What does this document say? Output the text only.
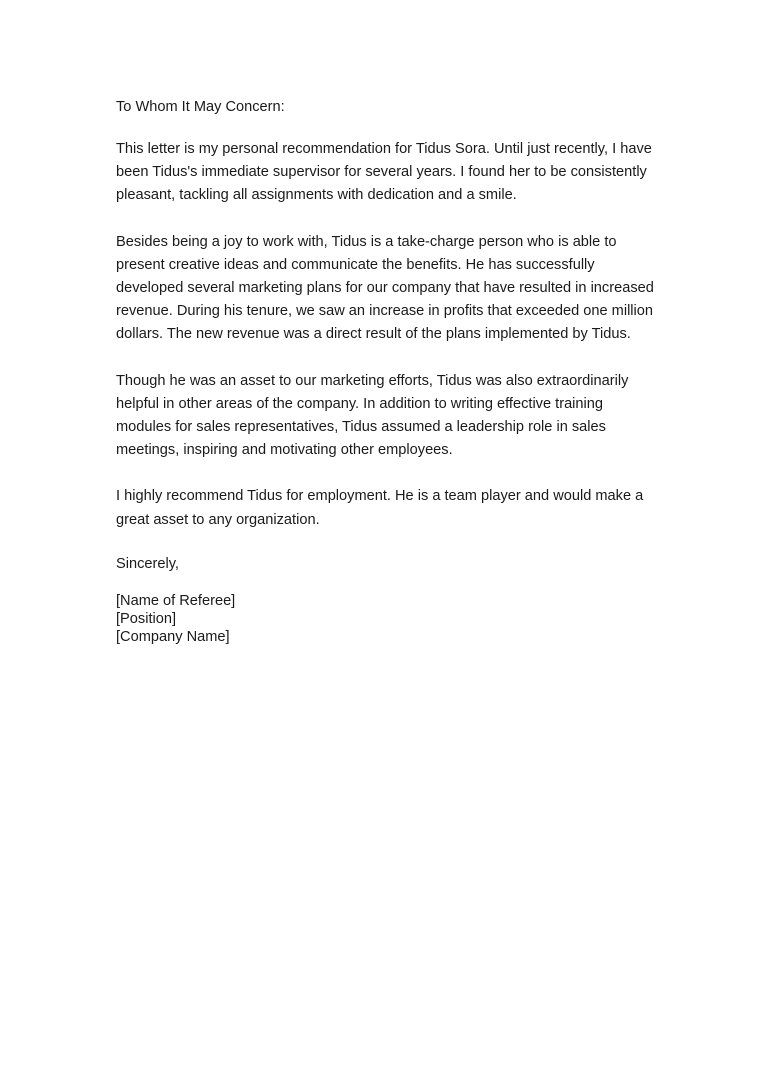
To Whom It May Concern:

This letter is my personal recommendation for Tidus Sora. Until just recently, I have been Tidus's immediate supervisor for several years. I found her to be consistently pleasant, tackling all assignments with dedication and a smile.

Besides being a joy to work with, Tidus is a take-charge person who is able to present creative ideas and communicate the benefits. He has successfully developed several marketing plans for our company that have resulted in increased revenue. During his tenure, we saw an increase in profits that exceeded one million dollars. The new revenue was a direct result of the plans implemented by Tidus.

Though he was an asset to our marketing efforts, Tidus was also extraordinarily helpful in other areas of the company. In addition to writing effective training modules for sales representatives, Tidus assumed a leadership role in sales meetings, inspiring and motivating other employees.

I highly recommend Tidus for employment. He is a team player and would make a great asset to any organization.

Sincerely,

[Name of Referee]
[Position]
[Company Name]
